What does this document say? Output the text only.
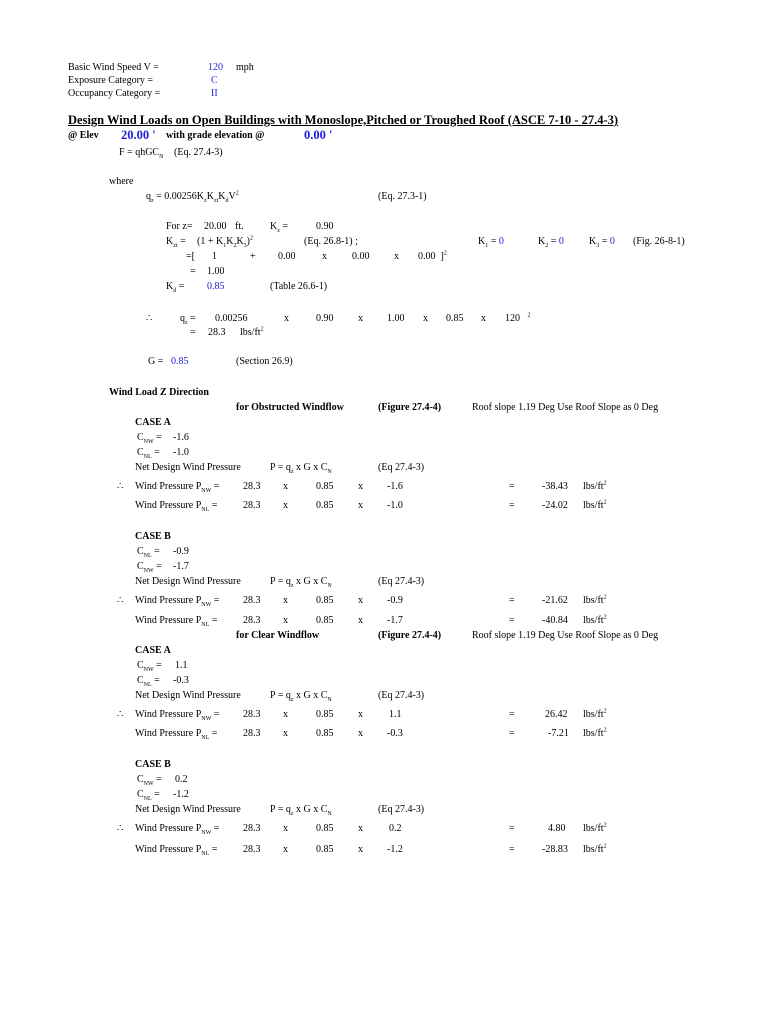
Basic Wind Speed V =	120 mph
Exposure Category =	C
Occupancy Category =	II
Design Wind Loads on Open Buildings with Monoslope,Pitched or Troughed Roof (ASCE 7-10 - 27.4-3)
@ Elev 20.00 ' with grade elevation @	0.00 '
F = qhGC$_N$ (Eq. 27.4-3)
where
$q_z = 0.00256K_zK_{zt}K_dV^2$	(Eq. 27.3-1)
For z= 20.00 ft.	$K_z$ =	0.90
$K_{zt} = (1 + K_1K_2K_3)^2$	(Eq. 26.8-1) ;	$K_1 = 0$	$K_2 = 0$	$K_3 = 0$ (Fig. 26-8-1)
=[ 1	+ 0.00	x	0.00 x 0.00  ]$^2$
= 1.00
$K_d = 0.85$	(Table 26.6-1)
∴	$q_z = 0.00256$	x	0.90 x 1.00 x 0.85 x 120 $^2$
= 28.3 lbs/$ft^2$
G = 0.85	(Section 26.9)
Wind Load Z Direction
for Obstructed Windflow	(Figure 27.4-4)	Roof slope 1.19 Deg Use Roof Slope as 0 Deg
CASE A
$C_{NW} = -1.6$
$C_{NL} = -1.0$
Net Design Wind Pressure	$P = q_z$ x G x $C_N$	(Eq 27.4-3)
∴ Wind Pressure $P_{NW} = 28.3$ x	0.85 x -1.6	=	-38.43 lbs/$ft^2$
Wind Pressure $P_{NL}$ =	28.3 x	0.85 x -1.0	=	-24.02 lbs/$ft^2$
CASE B
$C_{NL} = -0.9$
$C_{NW} = -1.7$
Net Design Wind Pressure	$P = q_z$ x G x $C_N$	(Eq 27.4-3)
∴ Wind Pressure $P_{NW} = 28.3$ x	0.85 x -0.9	=	-21.62 lbs/$ft^2$
Wind Pressure $P_{NL}$ =	28.3 x	0.85 x -1.7	=	-40.84 lbs/$ft^2$
for Clear Windflow	(Figure 27.4-4)	Roof slope 1.19 Deg Use Roof Slope as 0 Deg
CASE A
$C_{NW} = 1.1$
$C_{NL} = -0.3$
Net Design Wind Pressure	$P = q_z$ x G x $C_N$	(Eq 27.4-3)
∴ Wind Pressure $P_{NW} = 28.3$ x	0.85 x	1.1	=	26.42 lbs/$ft^2$
Wind Pressure $P_{NL}$ =	28.3 x	0.85 x -0.3	=	-7.21 lbs/$ft^2$
CASE B
$C_{NW} = 0.2$
$C_{NL} = -1.2$
Net Design Wind Pressure	$P = q_z$ x G x $C_N$	(Eq 27.4-3)
∴ Wind Pressure $P_{NW} = 28.3$ x	0.85 x	0.2	=	4.80 lbs/$ft^2$
Wind Pressure $P_{NL}$ =	28.3 x	0.85 x -1.2	=	-28.83 lbs/$ft^2$
